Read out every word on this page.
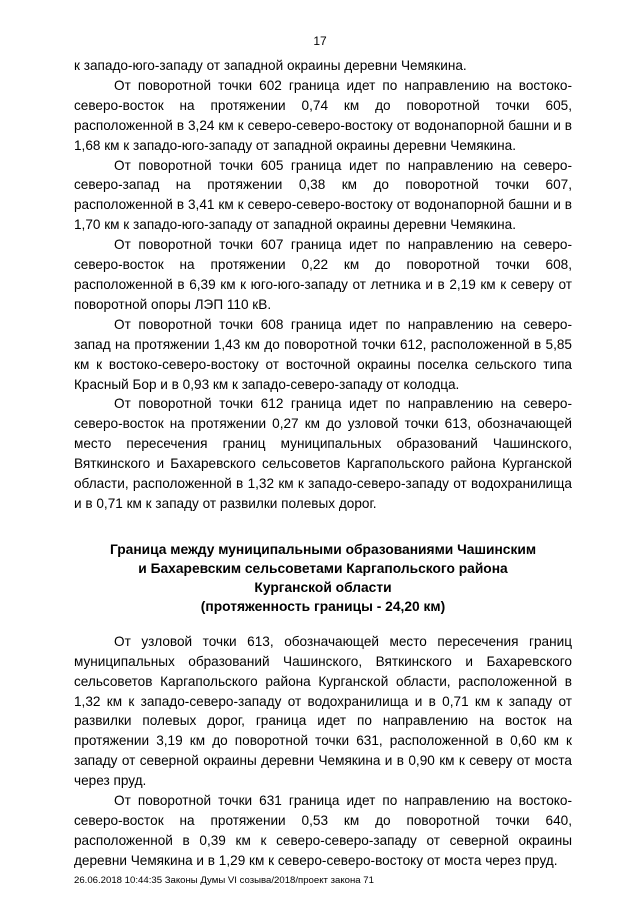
17

к западо-юго-западу от западной окраины деревни Чемякина.

От поворотной точки 602 граница идет по направлению на востоко-северо-восток на протяжении 0,74 км до поворотной точки 605, расположенной в 3,24 км к северо-северо-востоку от водонапорной башни и в 1,68 км к западо-юго-западу от западной окраины деревни Чемякина.

От поворотной точки 605 граница идет по направлению на северо-северо-запад на протяжении 0,38 км до поворотной точки 607, расположенной в 3,41 км к северо-северо-востоку от водонапорной башни и в 1,70 км к западо-юго-западу от западной окраины деревни Чемякина.

От поворотной точки 607 граница идет по направлению на северо-северо-восток на протяжении 0,22 км до поворотной точки 608, расположенной в 6,39 км к юго-юго-западу от летника и в 2,19 км к северу от поворотной опоры ЛЭП 110 кВ.

От поворотной точки 608 граница идет по направлению на северо-запад на протяжении 1,43 км до поворотной точки 612, расположенной в 5,85 км к востоко-северо-востоку от восточной окраины поселка сельского типа Красный Бор и в 0,93 км к западо-северо-западу от колодца.

От поворотной точки 612 граница идет по направлению на северо-северо-восток на протяжении 0,27 км до узловой точки 613, обозначающей место пересечения границ муниципальных образований Чашинского, Вяткинского и Бахаревского сельсоветов Каргапольского района Курганской области, расположенной в 1,32 км к западо-северо-западу от водохранилища и в 0,71 км к западу от развилки полевых дорог.

Граница между муниципальными образованиями Чашинским
и Бахаревским сельсоветами Каргапольского района
Курганской области
(протяженность границы - 24,20 км)

От узловой точки 613, обозначающей место пересечения границ муниципальных образований Чашинского, Вяткинского и Бахаревского сельсоветов Каргапольского района Курганской области, расположенной в 1,32 км к западо-северо-западу от водохранилища и в 0,71 км к западу от развилки полевых дорог, граница идет по направлению на восток на протяжении 3,19 км до поворотной точки 631, расположенной в 0,60 км к западу от северной окраины деревни Чемякина и в 0,90 км к северу от моста через пруд.

От поворотной точки 631 граница идет по направлению на востоко-северо-восток на протяжении 0,53 км до поворотной точки 640, расположенной в 0,39 км к северо-северо-западу от северной окраины деревни Чемякина и в 1,29 км к северо-северо-востоку от моста через пруд.

26.06.2018 10:44:35 Законы Думы VI созыва/2018/проект закона 71
